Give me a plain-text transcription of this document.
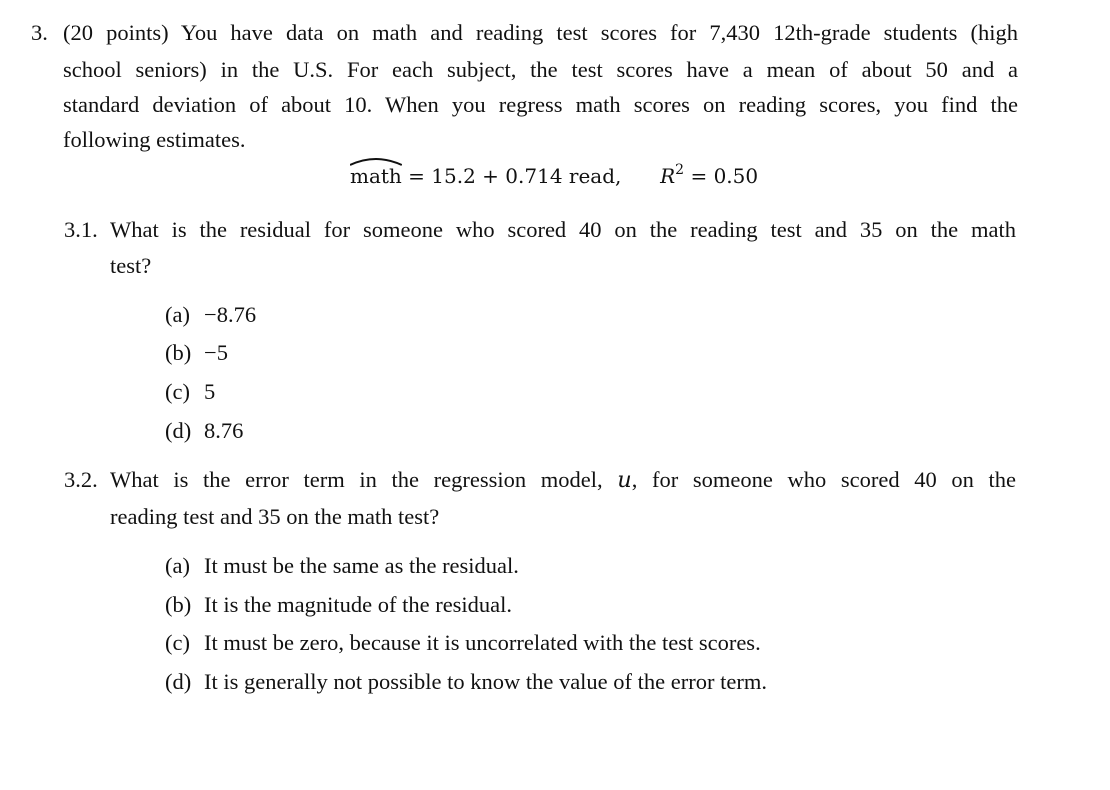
3. (20 points) You have data on math and reading test scores for 7,430 12th-grade students (high
school seniors) in the U.S. For each subject, the test scores have a mean of about 50 and a
standard deviation of about 10. When you regress math scores on reading scores, you find the
following estimates.
math = 15.2 + 0.714 read, $R^2 = 0.50$
3.1. What is the residual for someone who scored 40 on the reading test and 35 on the math
test?
(a) −8.76
(b) −5
(c) 5
(d) 8.76
3.2. What is the error term in the regression model, u, for someone who scored 40 on the
reading test and 35 on the math test?
(a) It must be the same as the residual.
(b) It is the magnitude of the residual.
(c) It must be zero, because it is uncorrelated with the test scores.
(d) It is generally not possible to know the value of the error term.
